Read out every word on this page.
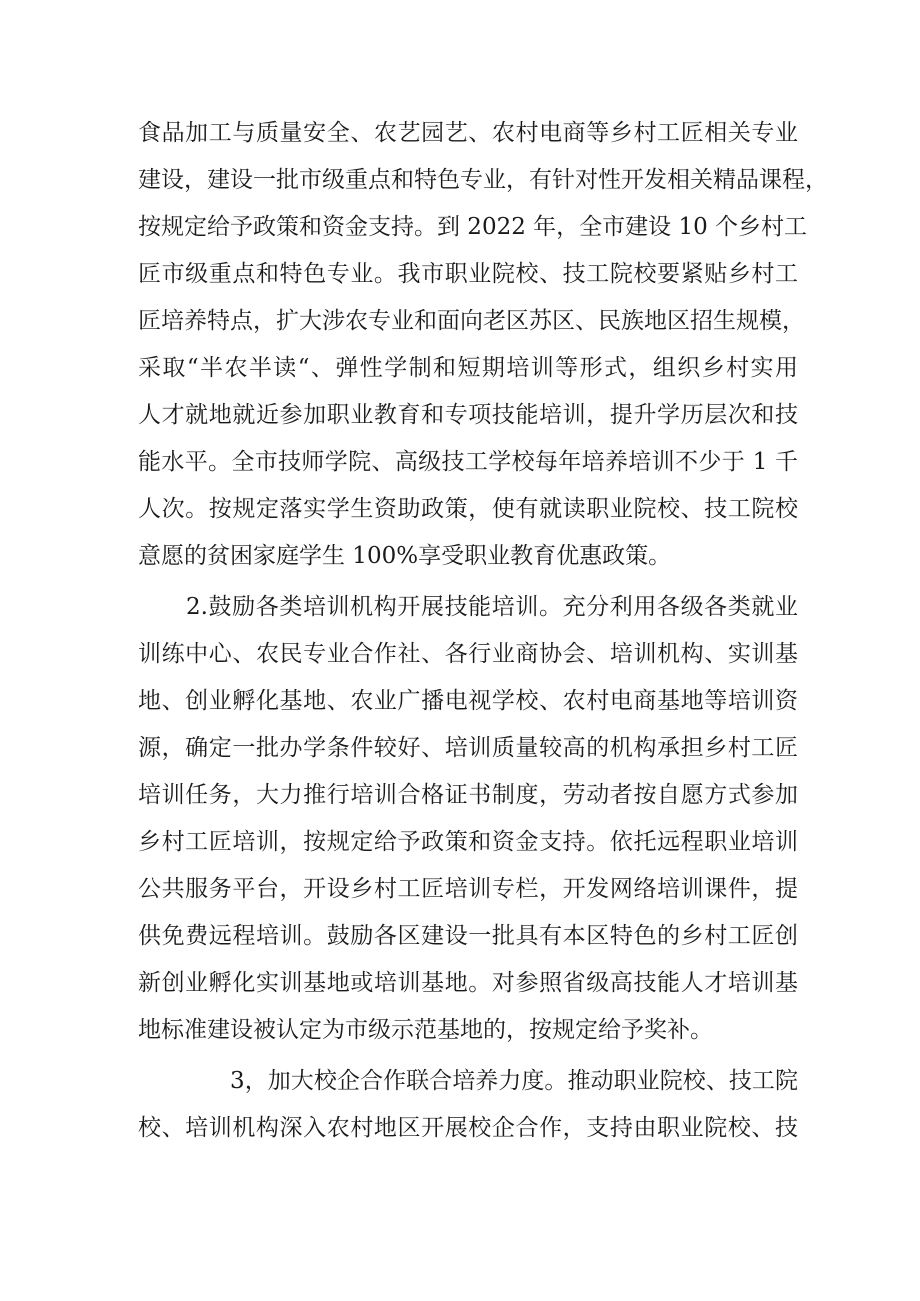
食品加工与质量安全、农艺园艺、农村电商等乡村工匠相关专业
建设，建设一批市级重点和特色专业，有针对性开发相关精品课程，
按规定给予政策和资金支持。到 2022 年，全市建设 10 个乡村工
匠市级重点和特色专业。我市职业院校、技工院校要紧贴乡村工
匠培养特点，扩大涉农专业和面向老区苏区、民族地区招生规模，
采取“半农半读“、弹性学制和短期培训等形式，组织乡村实用
人才就地就近参加职业教育和专项技能培训，提升学历层次和技
能水平。全市技师学院、高级技工学校每年培养培训不少于 1 千
人次。按规定落实学生资助政策，使有就读职业院校、技工院校
意愿的贫困家庭学生 100%享受职业教育优惠政策。
2.鼓励各类培训机构开展技能培训。充分利用各级各类就业
训练中心、农民专业合作社、各行业商协会、培训机构、实训基
地、创业孵化基地、农业广播电视学校、农村电商基地等培训资
源，确定一批办学条件较好、培训质量较高的机构承担乡村工匠
培训任务，大力推行培训合格证书制度，劳动者按自愿方式参加
乡村工匠培训，按规定给予政策和资金支持。依托远程职业培训
公共服务平台，开设乡村工匠培训专栏，开发网络培训课件，提
供免费远程培训。鼓励各区建设一批具有本区特色的乡村工匠创
新创业孵化实训基地或培训基地。对参照省级高技能人才培训基
地标准建设被认定为市级示范基地的，按规定给予奖补。
3，加大校企合作联合培养力度。推动职业院校、技工院
校、培训机构深入农村地区开展校企合作，支持由职业院校、技
